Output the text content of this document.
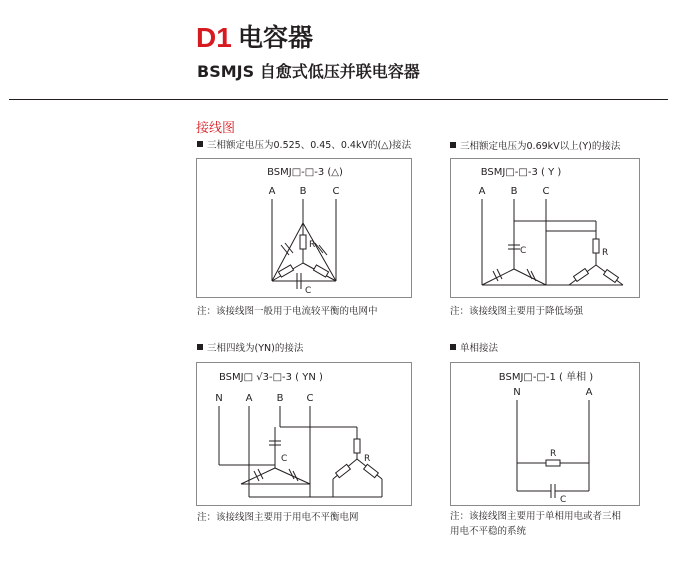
D1 电容器
BSMJS 自愈式低压并联电容器
接线图
三相额定电压为0.525、0.45、0.4kV的(△)接法	三相额定电压为0.69kV以上(Y)的接法
三相四线为(YN)的接法	单相接法
BSMJ□-□-3 (△)
A B	C
R
C
注：该接线图一般用于电流较平衡的电网中
BSMJ□-□-3 ( Y )
A	B	C
C	R
注：该接线图主要用于降低场强
BSMJ□ √3-□-3 ( YN )
N A B C
C	R
注：该接线图主要用于用电不平衡电网
BSMJ□-□-1 ( 单相 )
N	A
R
C
注：该接线图主要用于单相用电或者三相
用电不平稳的系统
